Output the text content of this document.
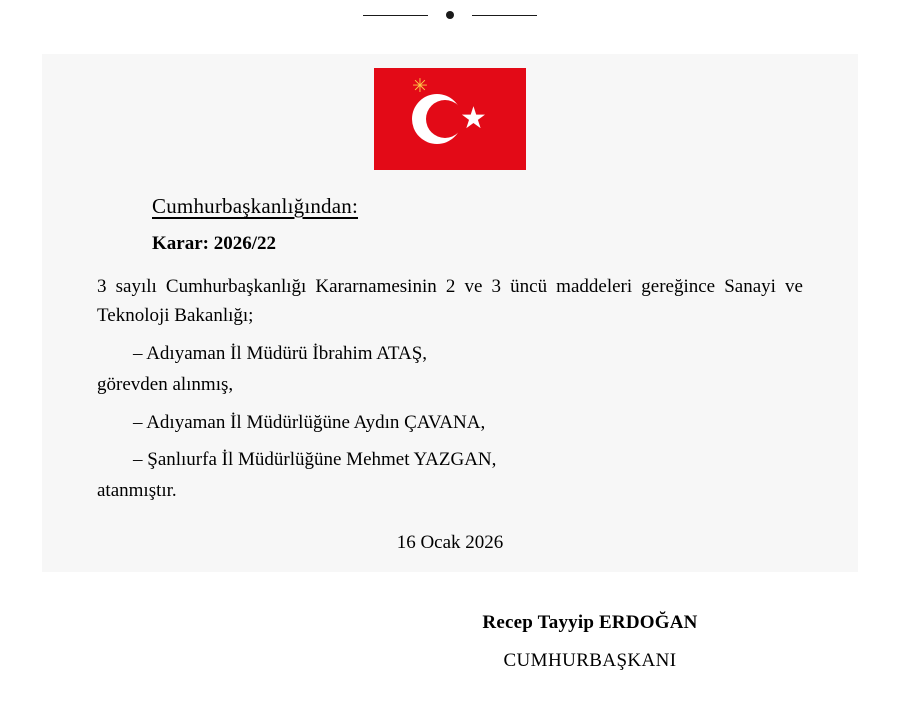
✳
★
Cumhurbaşkanlığından:
Karar: 2026/22
3 sayılı Cumhurbaşkanlığı Kararnamesinin 2 ve 3 üncü maddeleri gereğince Sanayi ve Teknoloji Bakanlığı;
– Adıyaman İl Müdürü İbrahim ATAŞ,
görevden alınmış,
– Adıyaman İl Müdürlüğüne Aydın ÇAVANA,
– Şanlıurfa İl Müdürlüğüne Mehmet YAZGAN,
atanmıştır.
16 Ocak 2026
Recep Tayyip ERDOĞAN
CUMHURBAŞKANI
